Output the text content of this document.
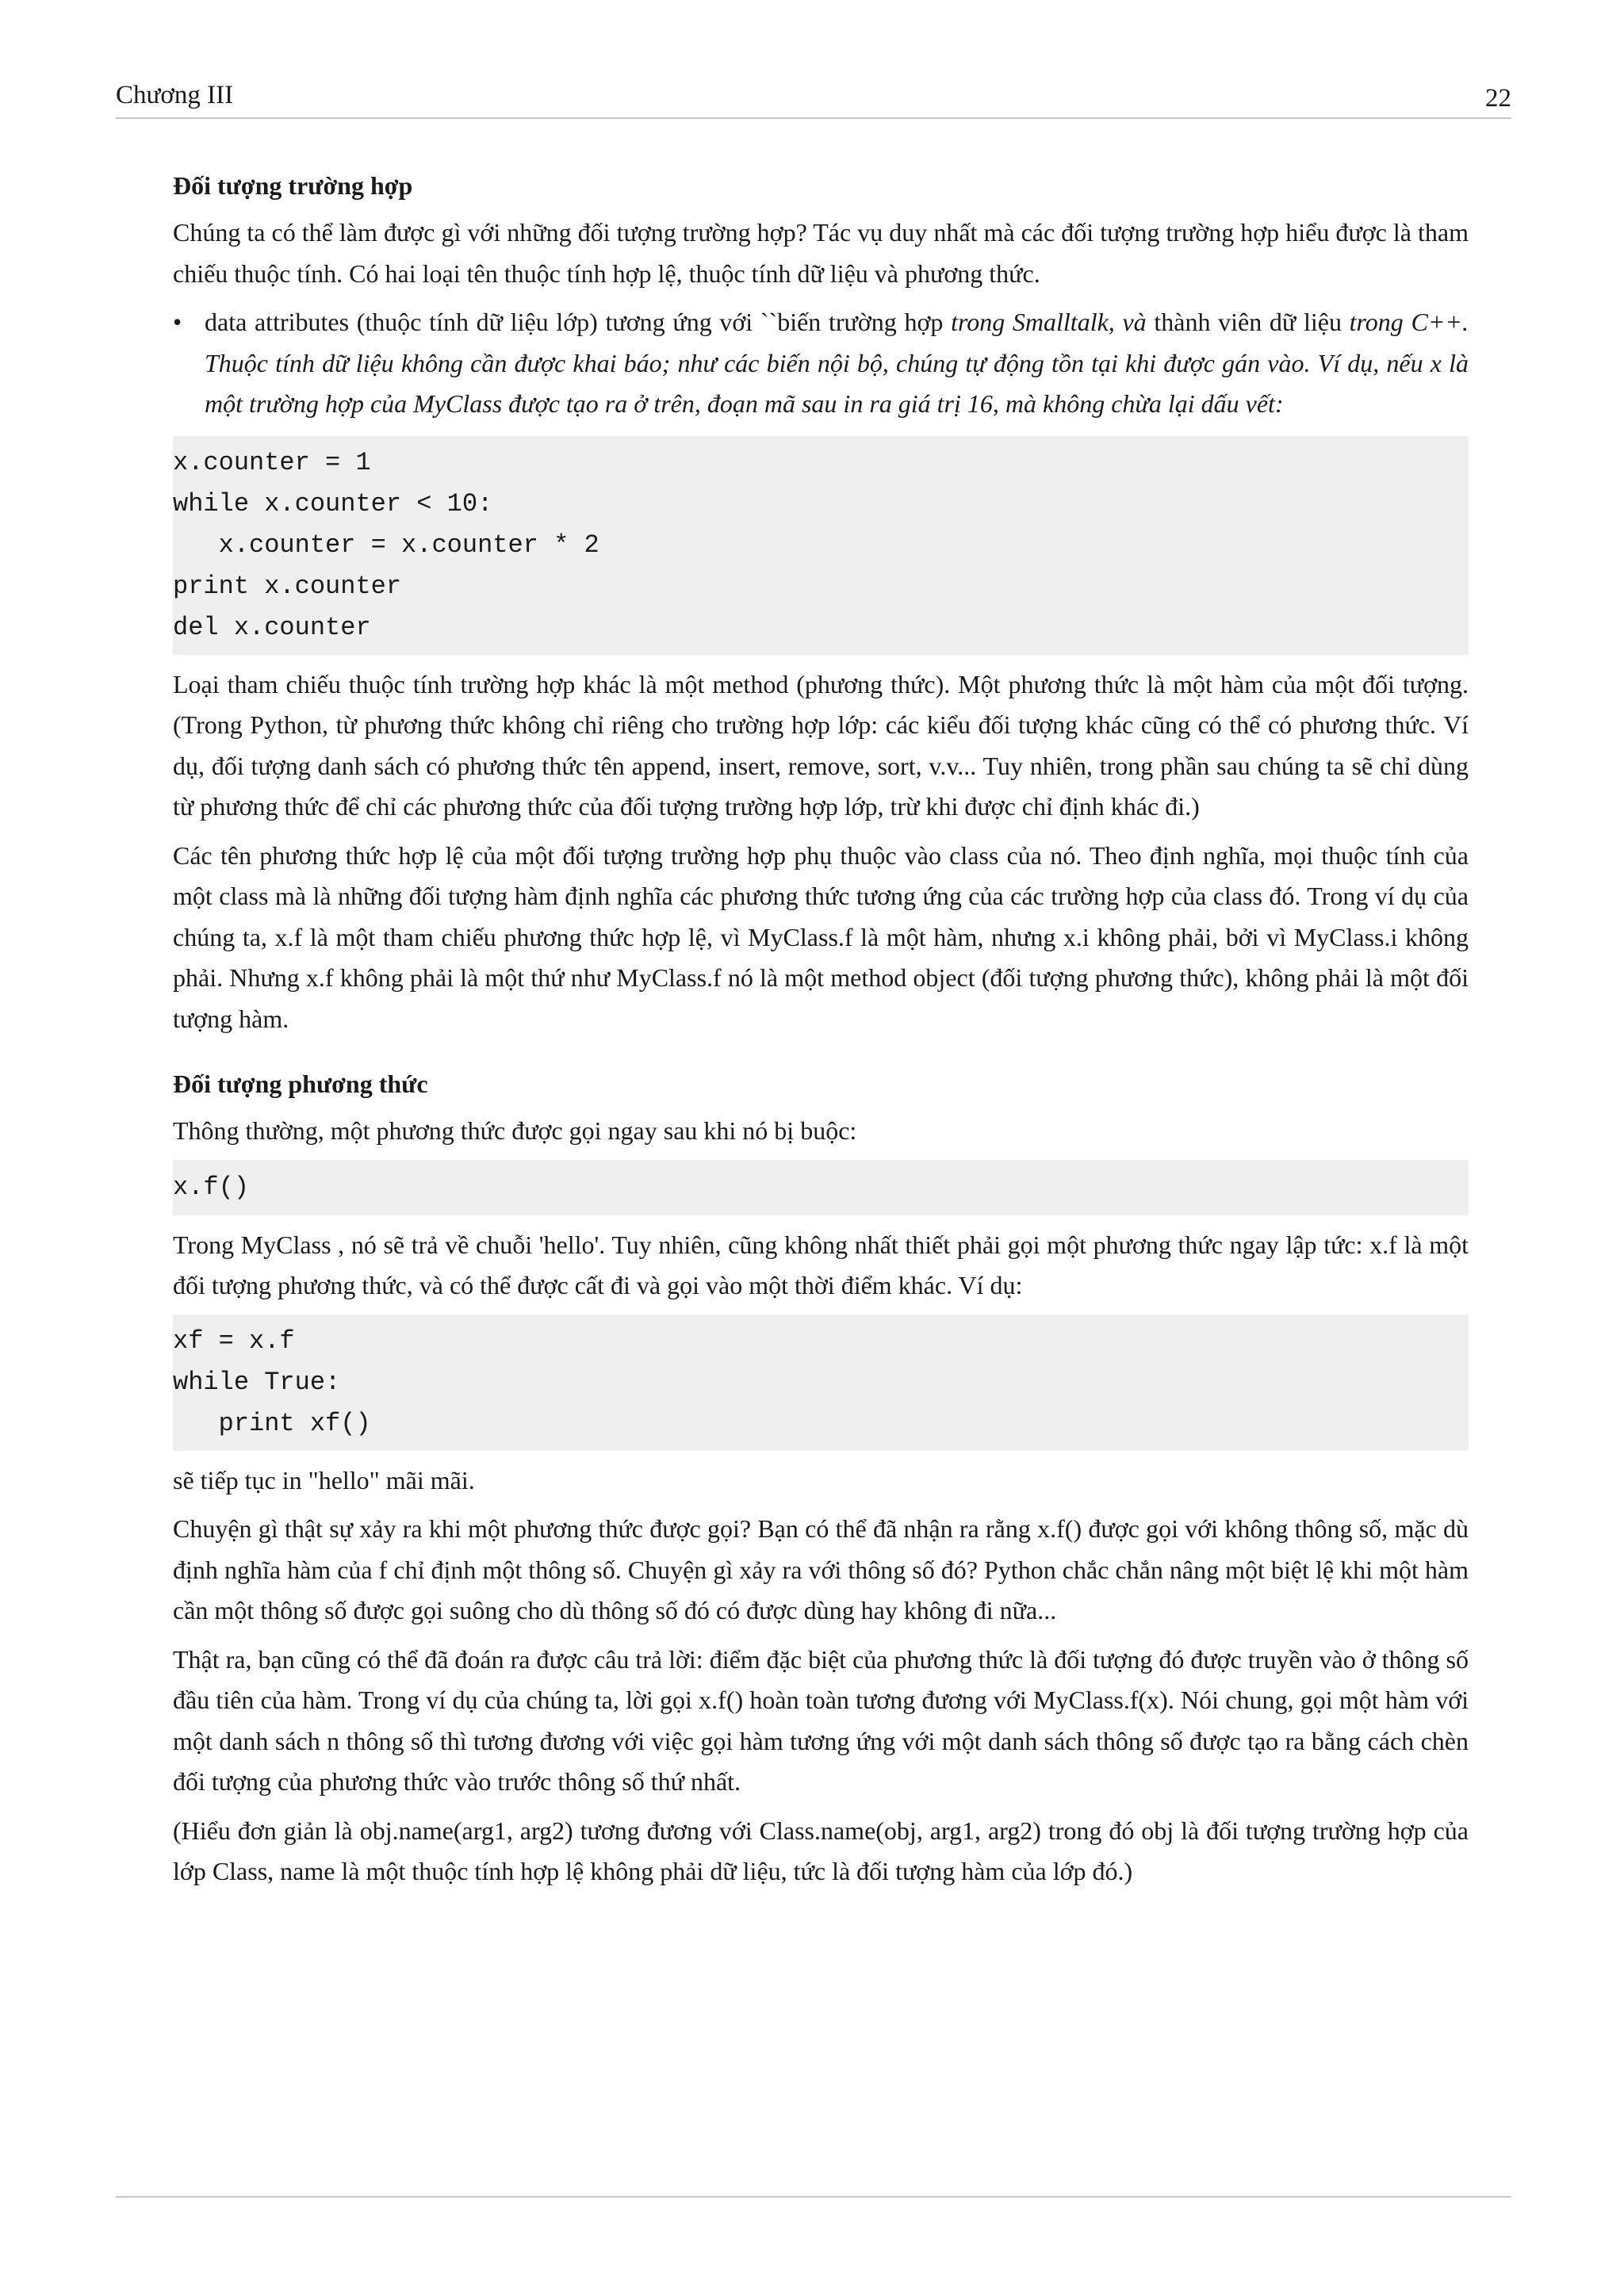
Chương III	22
Đối tượng trường hợp

Chúng ta có thể làm được gì với những đối tượng trường hợp? Tác vụ duy nhất mà các đối tượng trường hợp hiểu được là tham chiếu thuộc tính. Có hai loại tên thuộc tính hợp lệ, thuộc tính dữ liệu và phương thức.

• data attributes (thuộc tính dữ liệu lớp) tương ứng với ``biến trường hợp trong Smalltalk, và thành viên dữ liệu trong C++. Thuộc tính dữ liệu không cần được khai báo; như các biến nội bộ, chúng tự động tồn tại khi được gán vào. Ví dụ, nếu x là một trường hợp của MyClass được tạo ra ở trên, đoạn mã sau in ra giá trị 16, mà không chừa lại dấu vết:
x.counter = 1
while x.counter < 10:
x.counter = x.counter * 2
print x.counter
del x.counter

Loại tham chiếu thuộc tính trường hợp khác là một method (phương thức). Một phương thức là một hàm của một đối tượng. (Trong Python, từ phương thức không chỉ riêng cho trường hợp lớp: các kiểu đối tượng khác cũng có thể có phương thức. Ví dụ, đối tượng danh sách có phương thức tên append, insert, remove, sort, v.v... Tuy nhiên, trong phần sau chúng ta sẽ chỉ dùng từ phương thức để chỉ các phương thức của đối tượng trường hợp lớp, trừ khi được chỉ định khác đi.)

Các tên phương thức hợp lệ của một đối tượng trường hợp phụ thuộc vào class của nó. Theo định nghĩa, mọi thuộc tính của một class mà là những đối tượng hàm định nghĩa các phương thức tương ứng của các trường hợp của class đó. Trong ví dụ của chúng ta, x.f là một tham chiếu phương thức hợp lệ, vì MyClass.f là một hàm, nhưng x.i không phải, bởi vì MyClass.i không phải. Nhưng x.f không phải là một thứ như MyClass.f nó là một method object (đối tượng phương thức), không phải là một đối tượng hàm.

Đối tượng phương thức

Thông thường, một phương thức được gọi ngay sau khi nó bị buộc:

x.f()

Trong MyClass , nó sẽ trả về chuỗi 'hello'. Tuy nhiên, cũng không nhất thiết phải gọi một phương thức ngay lập tức: x.f là một đối tượng phương thức, và có thể được cất đi và gọi vào một thời điểm khác. Ví dụ:

xf = x.f
while True:
print xf()

sẽ tiếp tục in "hello" mãi mãi.

Chuyện gì thật sự xảy ra khi một phương thức được gọi? Bạn có thể đã nhận ra rằng x.f() được gọi với không thông số, mặc dù định nghĩa hàm của f chỉ định một thông số. Chuyện gì xảy ra với thông số đó? Python chắc chắn nâng một biệt lệ khi một hàm cần một thông số được gọi suông cho dù thông số đó có được dùng hay không đi nữa...

Thật ra, bạn cũng có thể đã đoán ra được câu trả lời: điểm đặc biệt của phương thức là đối tượng đó được truyền vào ở thông số đầu tiên của hàm. Trong ví dụ của chúng ta, lời gọi x.f() hoàn toàn tương đương với MyClass.f(x). Nói chung, gọi một hàm với một danh sách n thông số thì tương đương với việc gọi hàm tương ứng với một danh sách thông số được tạo ra bằng cách chèn đối tượng của phương thức vào trước thông số thứ nhất.

(Hiểu đơn giản là obj.name(arg1, arg2) tương đương với Class.name(obj, arg1, arg2) trong đó obj là đối tượng trường hợp của lớp Class, name là một thuộc tính hợp lệ không phải dữ liệu, tức là đối tượng hàm của lớp đó.)
